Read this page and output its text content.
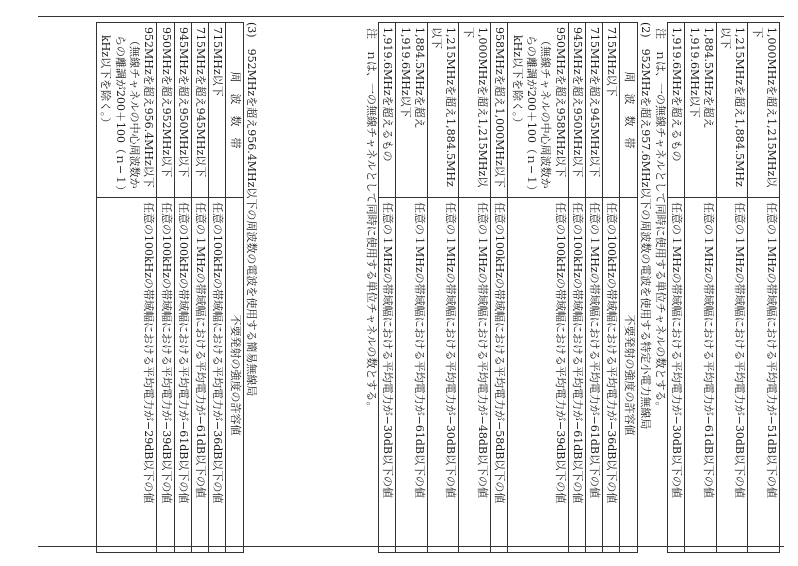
1,000MHzを超え1,215MHz以下	任意の１MHzの帯域幅における平均電力が−51dB以下の値
1,215MHzを超え1,884.5MHz以下	任意の１MHzの帯域幅における平均電力が−30dB以下の値
1,884.5MHzを超え1,919.6MHz以下	任意の１MHzの帯域幅における平均電力が−61dB以下の値
1,919.6MHzを超えるもの	任意の１MHzの帯域幅における平均電力が−30dB以下の値
注　ｎは、一の無線チャネルとして同時に使用する単位チャネルの数とする。
(2)　952MHzを超え957.6MHz以下の周波数の電波を使用する特定小電力無線局
周　波　数　帯	不要発射の強度の許容値
715MHz以下	任意の100kHzの帯域幅における平均電力が−36dB以下の値
715MHzを超え945MHz以下	任意の１MHzの帯域幅における平均電力が−61dB以下の値
945MHzを超え950MHz以下	任意の100kHzの帯域幅における平均電力が−61dB以下の値
950MHzを超え958MHz以下
（無線チャネルの中心周波数からの離調が200＋100（ｎ−１）kHz以下を除く。）	任意の100kHzの帯域幅における平均電力が−39dB以下の値
958MHzを超え1,000MHz以下	任意の100kHzの帯域幅における平均電力が−58dB以下の値
1,000MHzを超え1,215MHz以下	任意の１MHzの帯域幅における平均電力が−48dB以下の値
1,215MHzを超え1,884.5MHz以下	任意の１MHzの帯域幅における平均電力が−30dB以下の値
1,884.5MHzを超え1,919.6MHz以下	任意の１MHzの帯域幅における平均電力が−61dB以下の値
1,919.6MHzを超えるもの	任意の１MHzの帯域幅における平均電力が−30dB以下の値
注　ｎは、一の無線チャネルとして同時に使用する単位チャネルの数とする。
(3)　952MHzを超え956.4MHz以下の周波数の電波を使用する簡易無線局
周　波　数　帯	不要発射の強度の許容値
715MHz以下	任意の100kHzの帯域幅における平均電力が−36dB以下の値
715MHzを超え945MHz以下	任意の１MHzの帯域幅における平均電力が−61dB以下の値
945MHzを超え950MHz以下	任意の100kHzの帯域幅における平均電力が−61dB以下の値
950MHzを超え952MHz以下	任意の100kHzの帯域幅における平均電力が−39dB以下の値
952MHzを超え956.4MHz以下
（無線チャネルの中心周波数からの離調が200＋100（ｎ−１）kHz以下を除く。）	任意の100kHzの帯域幅における平均電力が−29dB以下の値
